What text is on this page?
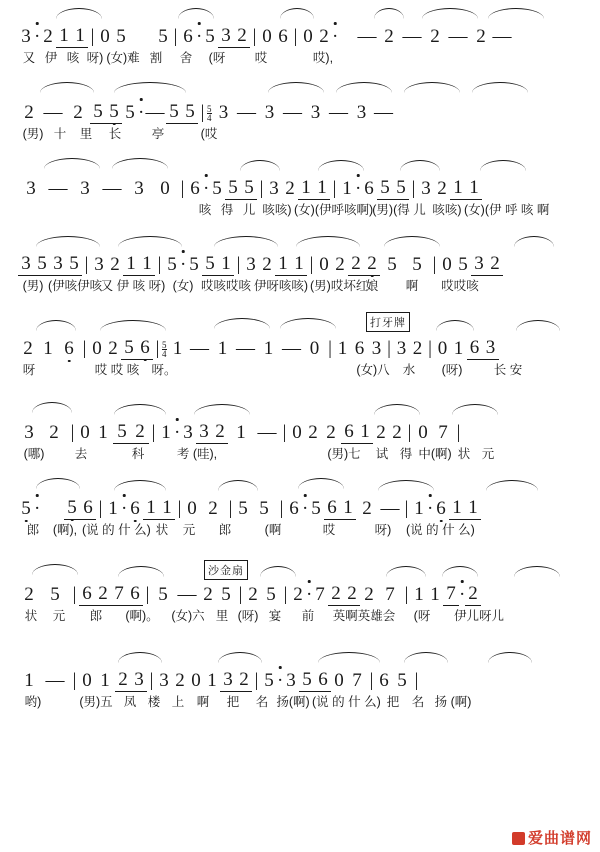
3 · 2 1 1 | 0 5 5 | 6 · 5 3 2 | 0 6 | 0 2 · — 2 — 2 — 2 —
又 伊 咳 呀) (女)难 割	舍	(呀	哎	哎),
2 — 2 5 5 5 · — 5 5 |	5
4 3 — 3 — 3 — 3 —
(男) 十	里	长	亭	(哎
3 — 3 — 3 0 |	6 · 5 5 5 | 3 2 1 1 | 1 · 6 5 5 | 3 2 1 1
咳 得 儿 咳咳) (女)(伊呼咳啊) (男)(得 儿 咳咳) (女)(伊 呼 咳 啊
3 5 3 5 | 3 2 1 1 | 5 · 5 5 1 | 3 2 1 1 | 0 2 2 2 5 5 |	0 5 3 2
(男) (伊咳伊咳
又 伊 咳 呀) (女) 哎咳哎咳 伊呀咳咳) (男)哎坏红
娘	啊	哎哎咳
打牙牌
2 1 6 | 0 2 5 6 |	5
4 1 — 1 — 1 — 0 | 1 6 3 | 3 2 | 0 1 6 3
呀	哎 哎 咳 呀。	(女)八	水	(呀)	长 安
3 2 |	0 1 5 2 | 1 · 3 3 2 1 — | 0 2 2 6 1 2 2 | 0 7
|
(哪)	去	科	考 (哇),	(男)七	试 得 中(啊) 状 元
5 · 5 6 | 1 · 6 1 1 | 0 2 |	5 5 |	6 · 5 6 1 2 — | 1 · 6 1 1
郎	(啊), (说 的 什 么) 状	元	郎	(啊	哎	呀)	(说 的 什 么)
沙金扇
2 5 |	6 2 7 6 | 5 — 2 5 | 2 5 | 2 · 7 2 2 2 7 |	1 1 7 · 2
状	元	郎	(啊)。	(女)六 里 (呀) 宴	前	英啊英雄会	(呀	伊儿呀儿
1 — | 0 1 2 3 | 3 2 0 1 3 2 | 5 · 3 5 6 0 7 | 6 5
|
哟)	(男)五 凤 楼 上 啊	把	名 扬(啊) (说 的 什 么) 把 名 扬 (啊)
爱曲谱网
